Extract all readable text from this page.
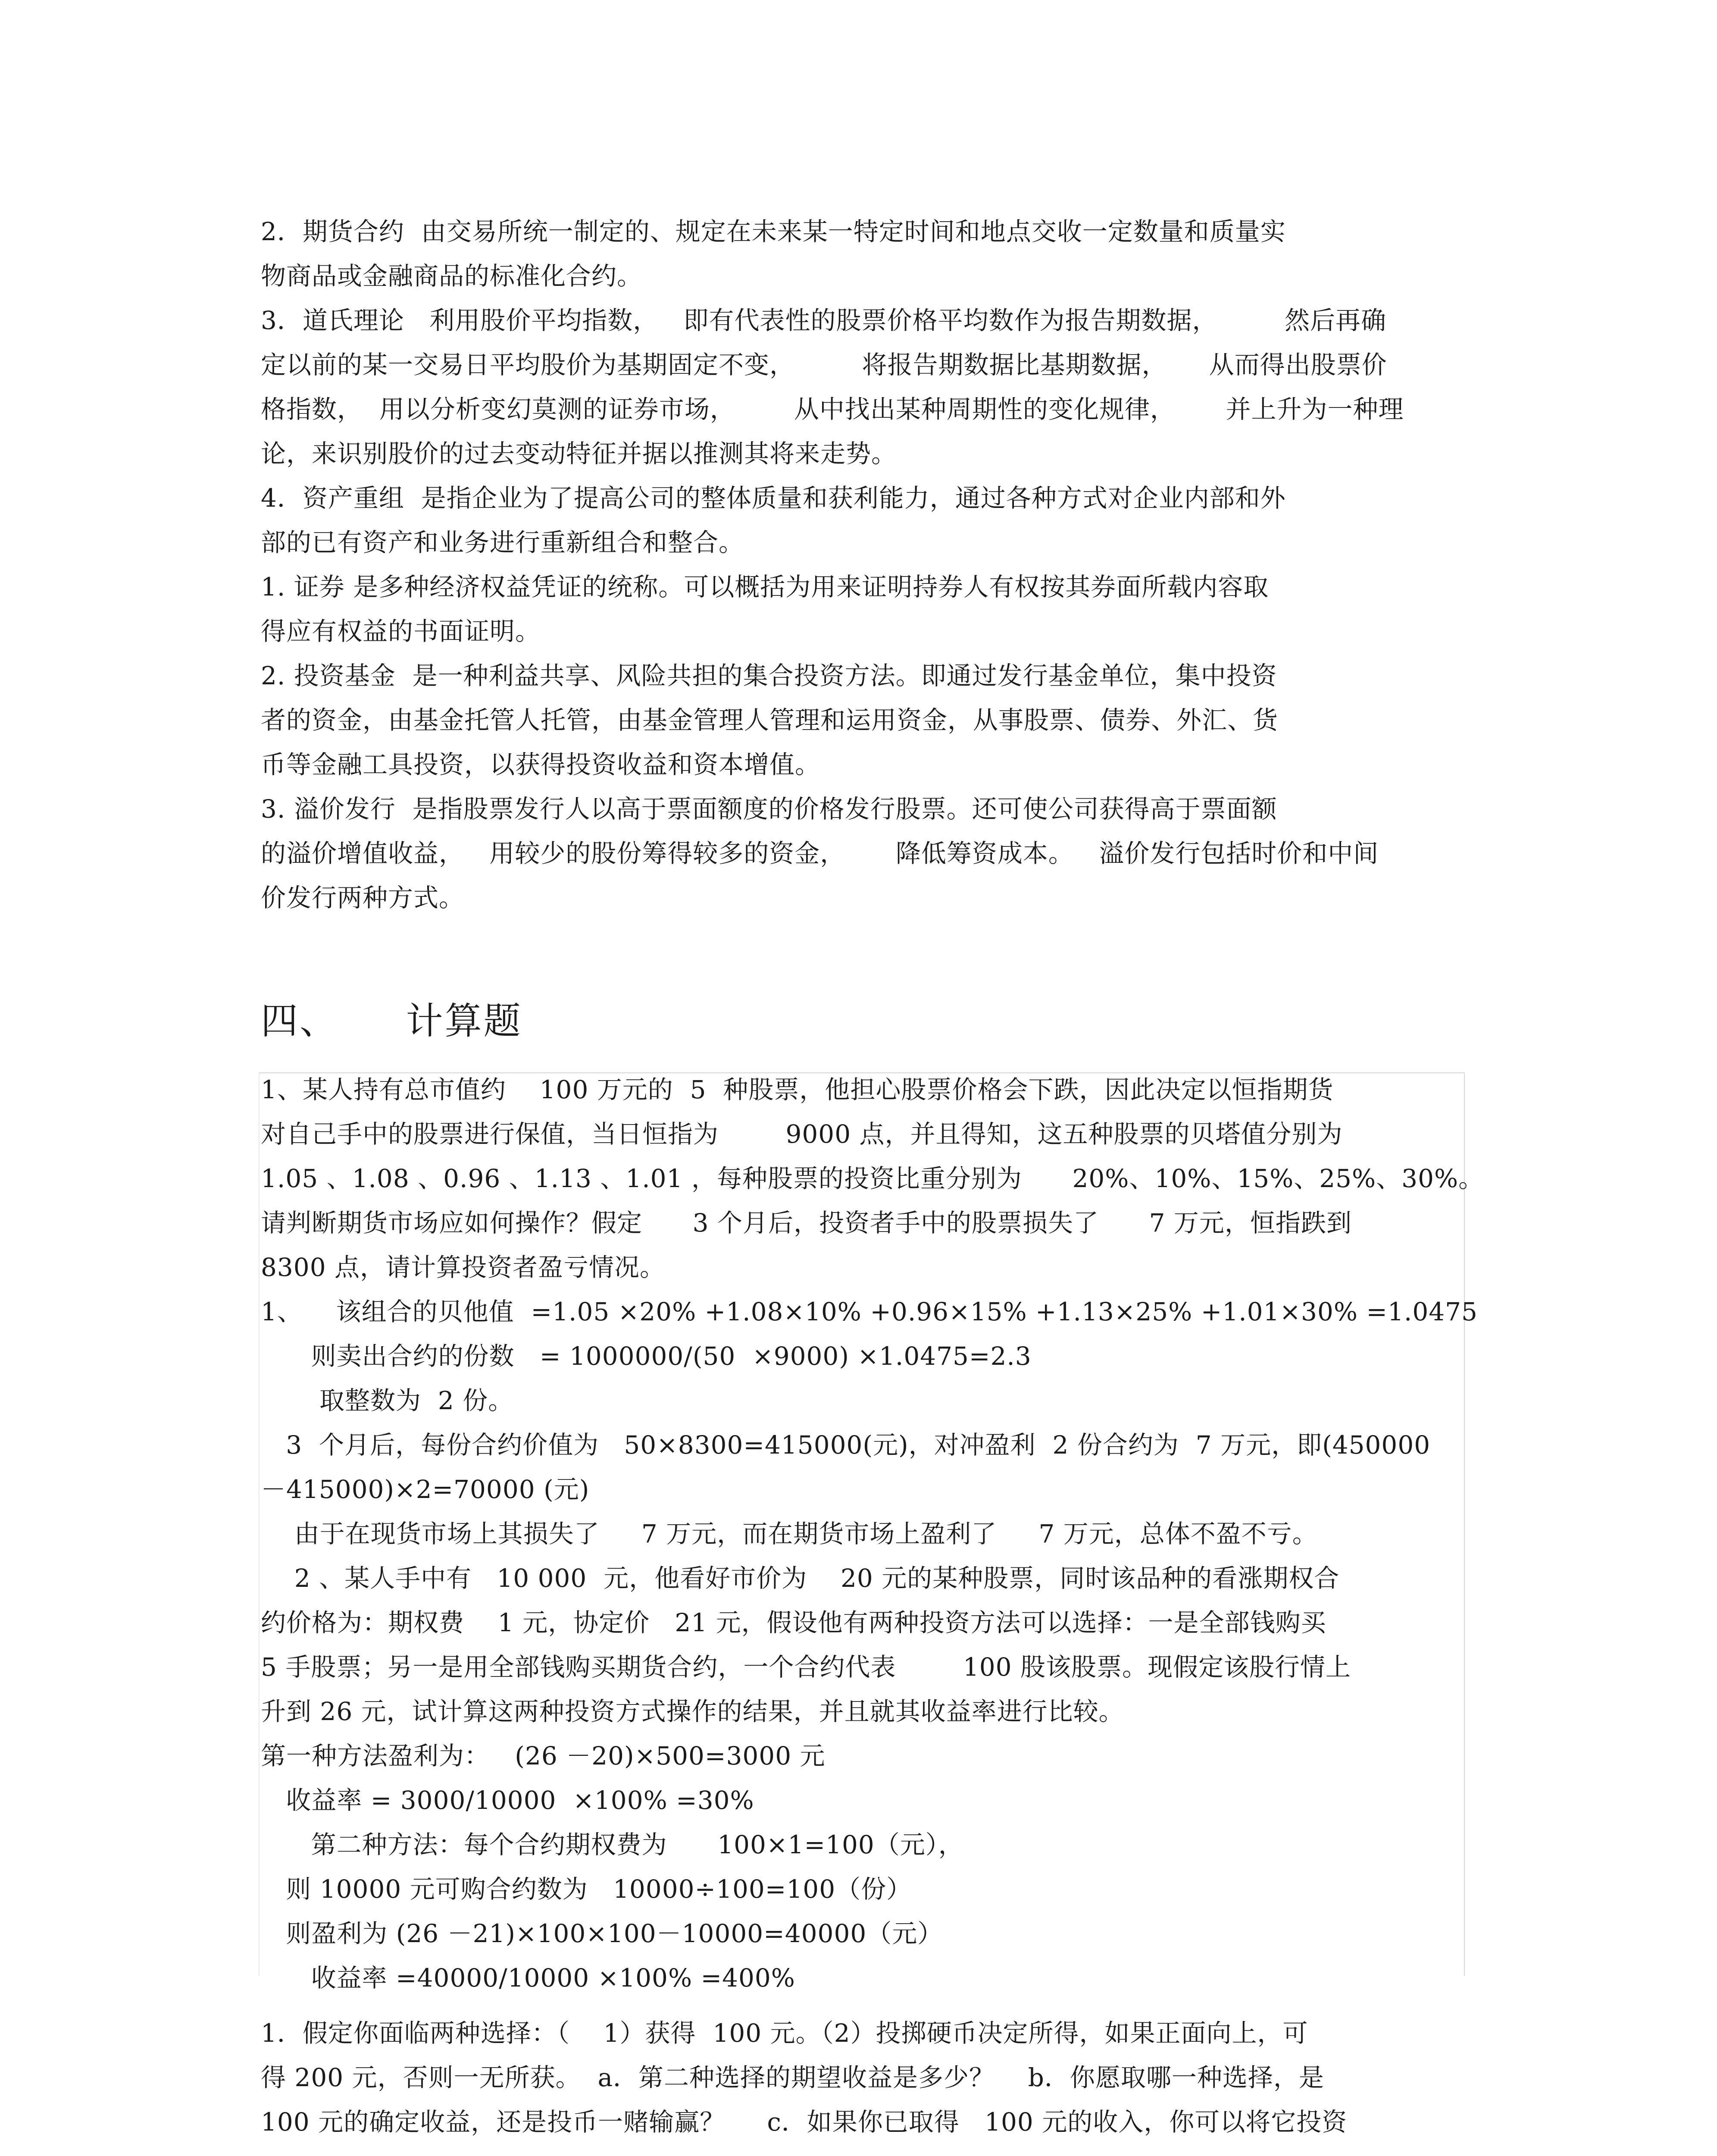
2．期货合约  由交易所统一制定的、规定在未来某一特定时间和地点交收一定数量和质量实
物商品或金融商品的标准化合约。
3．道氏理论   利用股价平均指数，   即有代表性的股票价格平均数作为报告期数据，        然后再确
定以前的某一交易日平均股价为基期固定不变，        将报告期数据比基期数据，     从而得出股票价
格指数，  用以分析变幻莫测的证券市场，       从中找出某种周期性的变化规律，      并上升为一种理
论，来识别股价的过去变动特征并据以推测其将来走势。
4．资产重组  是指企业为了提高公司的整体质量和获利能力，通过各种方式对企业内部和外
部的已有资产和业务进行重新组合和整合。
1. 证券 是多种经济权益凭证的统称。可以概括为用来证明持券人有权按其券面所载内容取
得应有权益的书面证明。
2. 投资基金  是一种利益共享、风险共担的集合投资方法。即通过发行基金单位，集中投资
者的资金，由基金托管人托管，由基金管理人管理和运用资金，从事股票、债券、外汇、货
币等金融工具投资，以获得投资收益和资本增值。
3. 溢价发行  是指股票发行人以高于票面额度的价格发行股票。还可使公司获得高于票面额
的溢价增值收益，   用较少的股份筹得较多的资金，      降低筹资成本。   溢价发行包括时价和中间
价发行两种方式。
四、     计算题
1、某人持有总市值约    100 万元的  5  种股票，他担心股票价格会下跌，因此决定以恒指期货
对自己手中的股票进行保值，当日恒指为        9000 点，并且得知，这五种股票的贝塔值分别为
1.05 、1.08 、0.96 、1.13 、1.01 ，每种股票的投资比重分别为      20%、10%、15%、25%、30%。
请判断期货市场应如何操作？假定      3 个月后，投资者手中的股票损失了      7 万元，恒指跌到
8300 点，请计算投资者盈亏情况。
1、    该组合的贝他值  =1.05 ×20% +1.08×10% +0.96×15% +1.13×25% +1.01×30% =1.0475
则卖出合约的份数   = 1000000/(50  ×9000) ×1.0475=2.3
取整数为  2 份。
3  个月后，每份合约价值为   50×8300=415000(元)，对冲盈利  2 份合约为  7 万元，即(450000
－415000)×2=70000 (元)
由于在现货市场上其损失了     7 万元，而在期货市场上盈利了     7 万元，总体不盈不亏。
2 、某人手中有   10 000  元，他看好市价为    20 元的某种股票，同时该品种的看涨期权合
约价格为：期权费    1 元，协定价   21 元，假设他有两种投资方法可以选择：一是全部钱购买
5 手股票；另一是用全部钱购买期货合约，一个合约代表        100 股该股票。现假定该股行情上
升到 26 元，试计算这两种投资方式操作的结果，并且就其收益率进行比较。
第一种方法盈利为：   (26 －20)×500=3000 元
收益率 = 3000/10000  ×100% =30%
第二种方法：每个合约期权费为      100×1=100（元），
则 10000 元可购合约数为   10000÷100=100（份）
则盈利为 (26 －21)×100×100－10000=40000（元）
收益率 =40000/10000 ×100% =400%
1．假定你面临两种选择：（    1）获得  100 元。（2）投掷硬币决定所得，如果正面向上，可
得 200 元，否则一无所获。  a．第二种选择的期望收益是多少？    b．你愿取哪一种选择，是
100 元的确定收益，还是投币一赌输赢？     c．如果你已取得   100 元的收入，你可以将它投资
